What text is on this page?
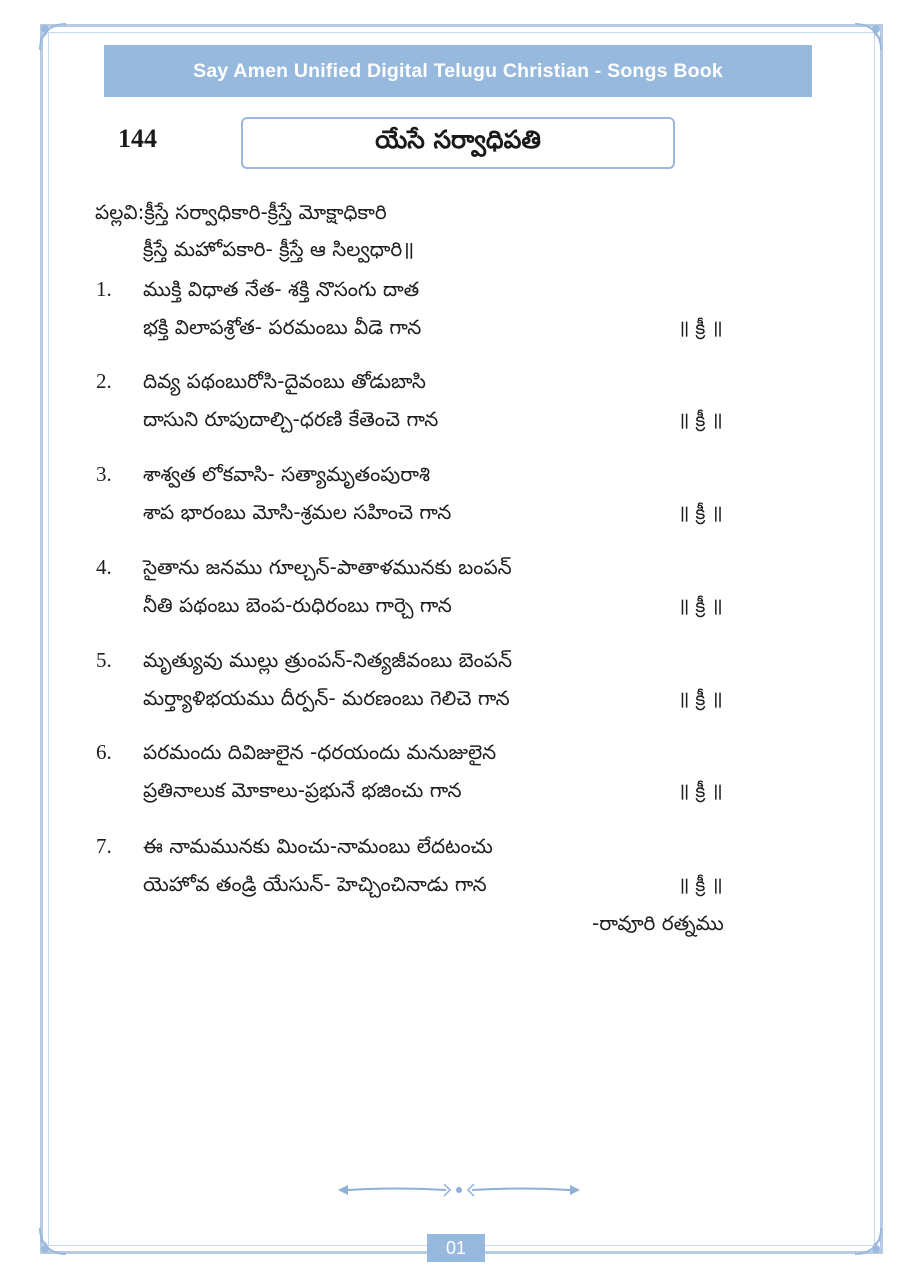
Say Amen Unified Digital Telugu Christian - Songs Book
144	యేసే సర్వాధిపతి
పల్లవి:క్రీస్తే సర్వాధికారి-క్రీస్తే మోక్షాధికారి
క్రీస్తే మహోపకారి- క్రీస్తే ఆ సిల్వధారి॥
1. ముక్తి విధాత నేత- శక్తి నొసంగు దాత
భక్తి విలాపశ్రోత- పరమంబు వీడె గాన	॥ క్రీ ॥
2. దివ్య పథంబురోసి-దైవంబు తోడుబాసి
దాసుని రూపుదాల్చి-ధరణి కేతెంచె గాన	॥ క్రీ ॥
3. శాశ్వత లోకవాసి- సత్యామృతంపురాశి
శాప భారంబు మోసి-శ్రమల సహించె గాన	॥ క్రీ ॥
4. సైతాను జనము గూల్చన్-పాతాళమునకు బంపన్
నీతి పథంబు బెంప-రుధిరంబు గార్చె గాన	॥ క్రీ ॥
5. మృత్యువు ముల్లు త్రుంపన్-నిత్యజీవంబు బెంపన్
మర్త్యాళిభయము దీర్పన్- మరణంబు గెలిచె గాన	॥ క్రీ ॥
6. పరమందు దివిజులైన -ధరయందు మనుజులైన
ప్రతినాలుక మోకాలు-ప్రభునే భజించు గాన	॥ క్రీ ॥
7. ఈ నామమునకు మించు-నామంబు లేదటంచు
యెహోవ తండ్రి యేసున్- హెచ్చించినాడు గాన	॥ క్రీ ॥
-రావూరి రత్నము
01
